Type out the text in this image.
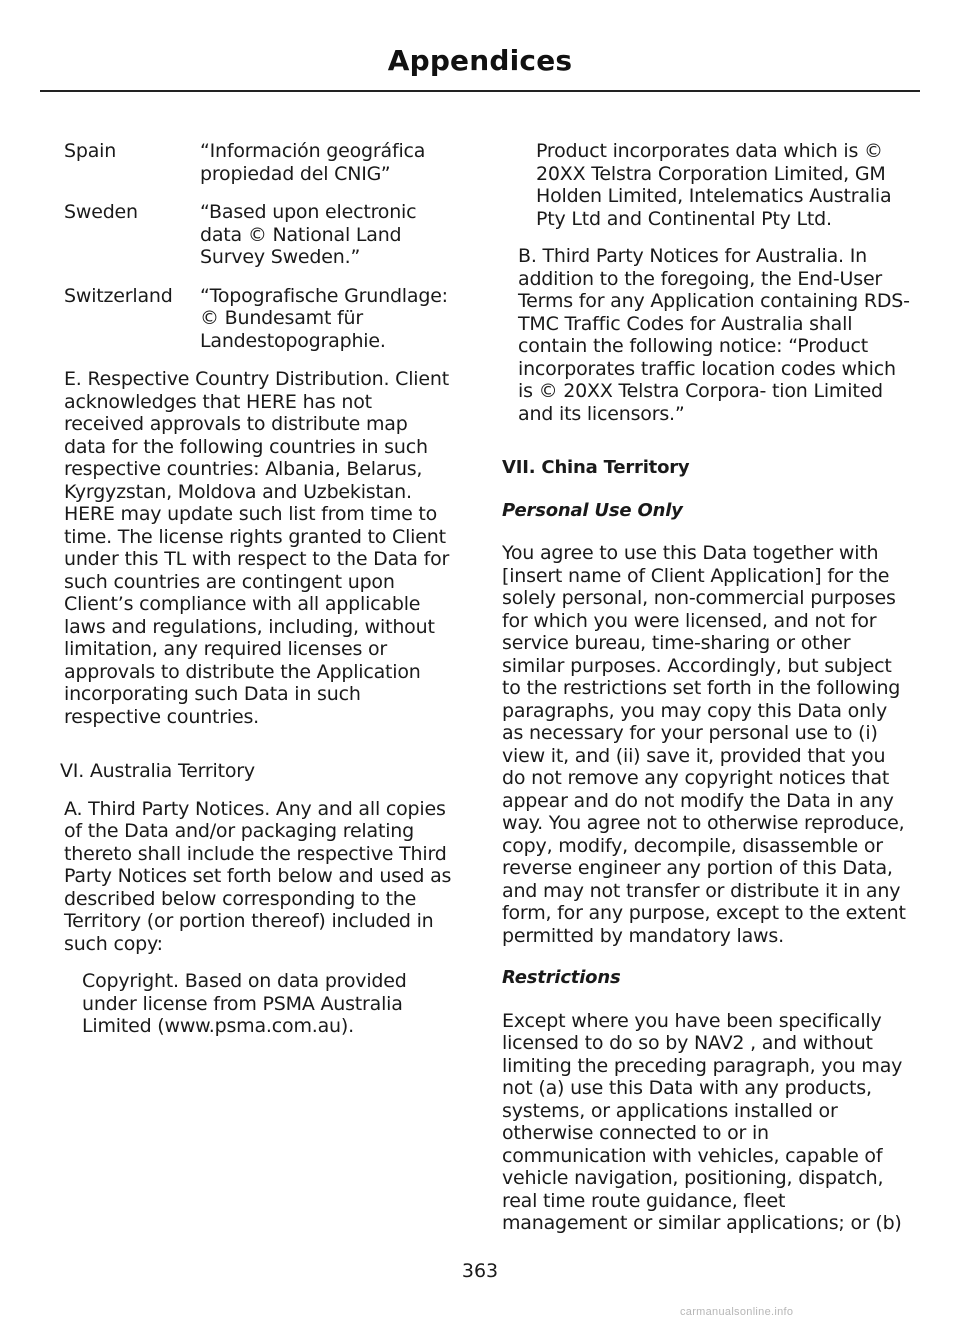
Appendices
Spain	“Información geográfica propiedad del CNIG”
Sweden	“Based upon electronic data © National Land Survey Sweden.”
Switzerland	“Topografische Grundlage: © Bundesamt für Landestopographie.

E. Respective Country Distribution. Client acknowledges that HERE has not received approvals to distribute map data for the following countries in such respective countries: Albania, Belarus, Kyrgyzstan, Moldova and Uzbekistan. HERE may update such list from time to time. The license rights granted to Client under this TL with respect to the Data for such countries are contingent upon Client’s compliance with all applicable laws and regulations, including, without limitation, any required licenses or approvals to distribute the Application incorporating such Data in such respective countries.

VI. Australia Territory

A. Third Party Notices. Any and all copies of the Data and/or packaging relating thereto shall include the respective Third Party Notices set forth below and used as described below corresponding to the Territory (or portion thereof) included in such copy:

Copyright. Based on data provided under license from PSMA Australia Limited (www.psma.com.au).

Product incorporates data which is © 20XX Telstra Corporation Limited, GM Holden Limited, Intelematics Australia Pty Ltd and Continental Pty Ltd.

B. Third Party Notices for Australia. In addition to the foregoing, the End-User Terms for any Application containing RDS-TMC Traffic Codes for Australia shall contain the following notice: “Product incorporates traffic location codes which is © 20XX Telstra Corpora- tion Limited and its licensors.”

VII. China Territory

Personal Use Only

You agree to use this Data together with [insert name of Client Application] for the solely personal, non-commercial purposes for which you were licensed, and not for service bureau, time-sharing or other similar purposes. Accordingly, but subject to the restrictions set forth in the following paragraphs, you may copy this Data only as necessary for your personal use to (i) view it, and (ii) save it, provided that you do not remove any copyright notices that appear and do not modify the Data in any way. You agree not to otherwise reproduce, copy, modify, decompile, disassemble or reverse engineer any portion of this Data, and may not transfer or distribute it in any form, for any purpose, except to the extent permitted by mandatory laws.

Restrictions

Except where you have been specifically licensed to do so by NAV2 , and without limiting the preceding paragraph, you may not (a) use this Data with any products, systems, or applications installed or otherwise connected to or in communication with vehicles, capable of vehicle navigation, positioning, dispatch, real time route guidance, fleet management or similar applications; or (b)

363
carmanualsonline.info
